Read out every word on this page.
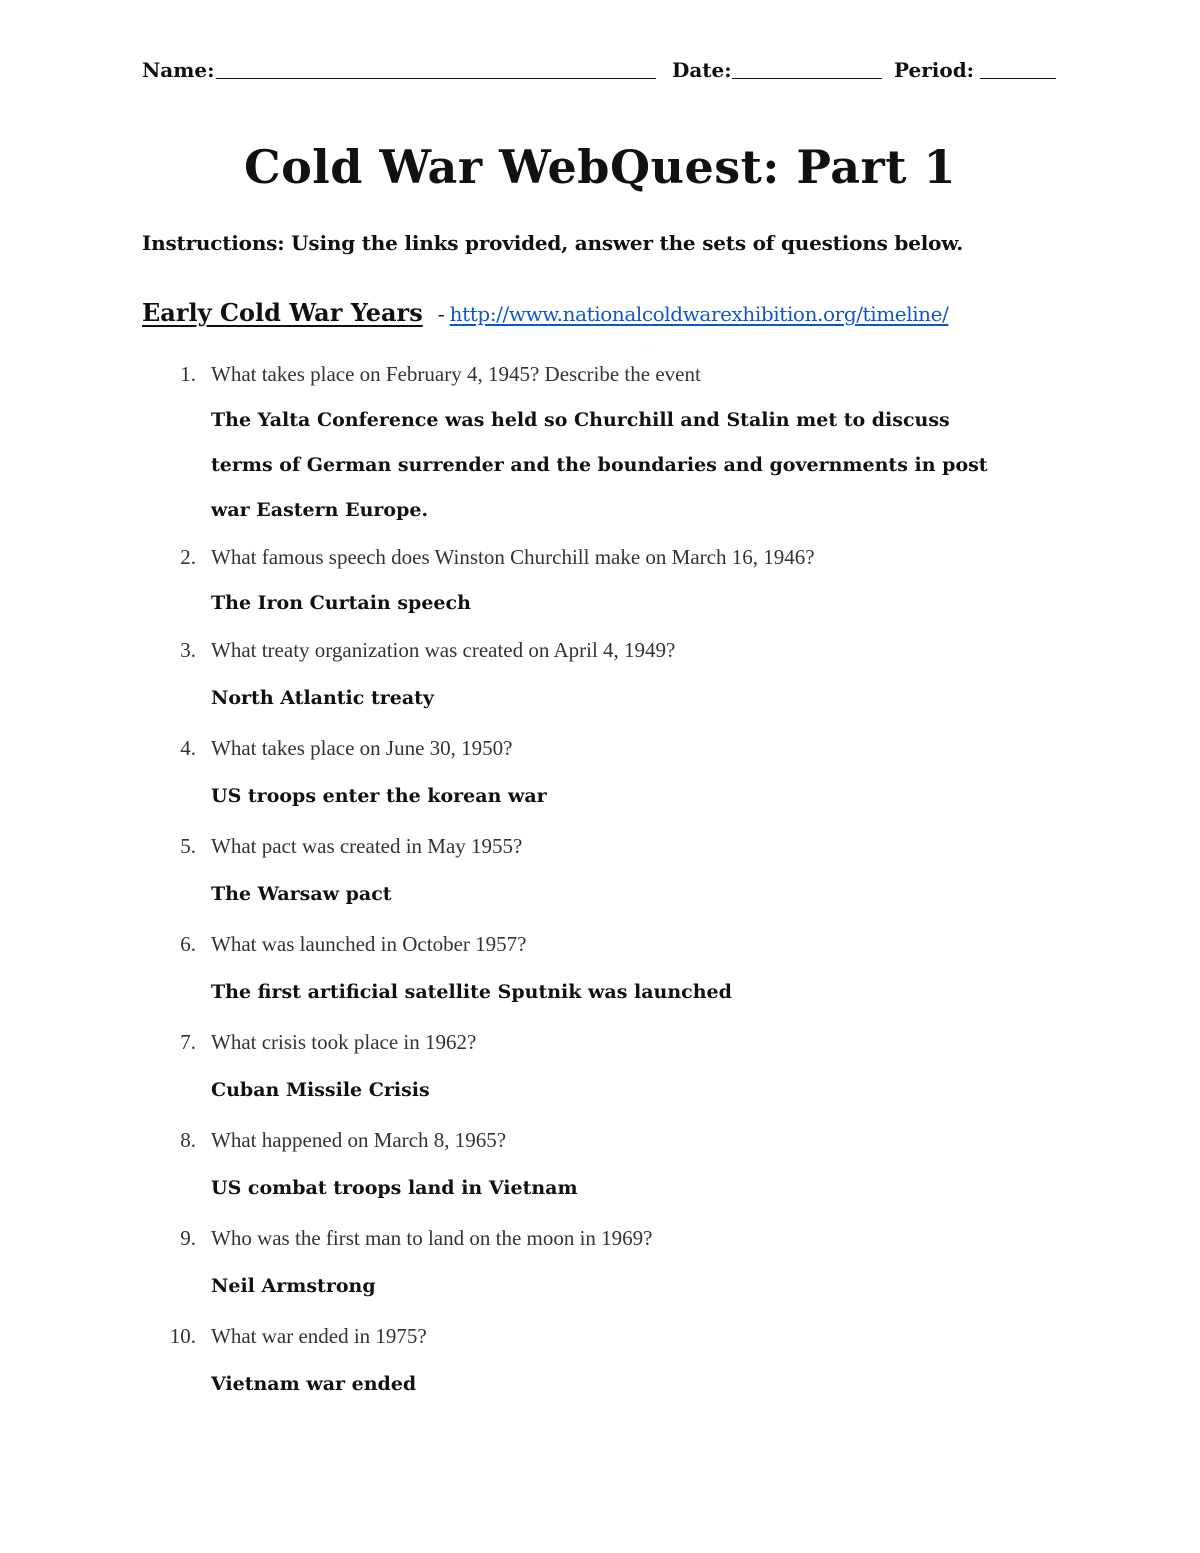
Name:	Date:	Period:
Cold War WebQuest: Part 1
Instructions: Using the links provided, answer the sets of questions below.
Early Cold War Years - http://www.nationalcoldwarexhibition.org/timeline/
1. What takes place on February 4, 1945? Describe the event
The Yalta Conference was held so Churchill and Stalin met to discuss terms of German surrender and the boundaries and governments in post war Eastern Europe.
2. What famous speech does Winston Churchill make on March 16, 1946?
The Iron Curtain speech
3. What treaty organization was created on April 4, 1949?
North Atlantic treaty
4. What takes place on June 30, 1950?
US troops enter the korean war
5. What pact was created in May 1955?
The Warsaw pact
6. What was launched in October 1957?
The first artificial satellite Sputnik was launched
7. What crisis took place in 1962?
Cuban Missile Crisis
8. What happened on March 8, 1965?
US combat troops land in Vietnam
9. Who was the first man to land on the moon in 1969?
Neil Armstrong
10. What war ended in 1975?
Vietnam war ended
